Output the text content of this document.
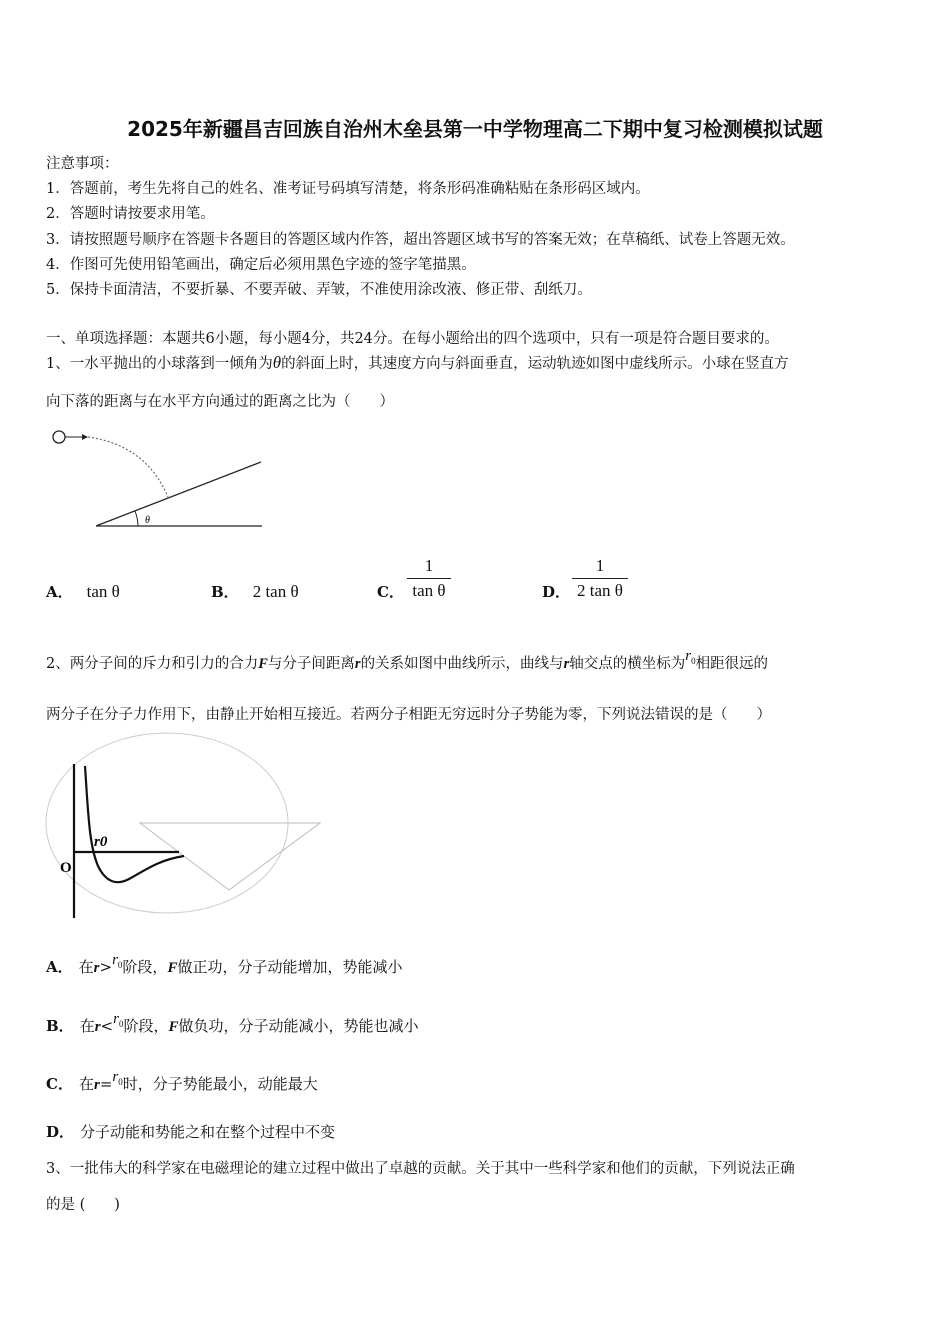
2025年新疆昌吉回族自治州木垒县第一中学物理高二下期中复习检测模拟试题
注意事项：
1．答题前，考生先将自己的姓名、准考证号码填写清楚，将条形码准确粘贴在条形码区域内。
2．答题时请按要求用笔。
3．请按照题号顺序在答题卡各题目的答题区域内作答，超出答题区域书写的答案无效；在草稿纸、试卷上答题无效。
4．作图可先使用铅笔画出，确定后必须用黑色字迹的签字笔描黑。
5．保持卡面清洁，不要折暴、不要弄破、弄皱，不准使用涂改液、修正带、刮纸刀。
一、单项选择题：本题共6小题，每小题4分，共24分。在每小题给出的四个选项中，只有一项是符合题目要求的。
1、一水平抛出的小球落到一倾角为θ的斜面上时，其速度方向与斜面垂直，运动轨迹如图中虚线所示。小球在竖直方
向下落的距离与在水平方向通过的距离之比为（　　）
θ
A． tan θ	B． 2 tan θ	C． $\frac{1}{\text{tan θ}}$	D． $\frac{1}{\text{2 tan θ}}$
2、两分子间的斥力和引力的合力F与分子间距离r的关系如图中曲线所示，曲线与r轴交点的横坐标为$r_0$相距很远的
两分子在分子力作用下，由静止开始相互接近。若两分子相距无穷远时分子势能为零，下列说法错误的是（　　）
r0
O
A． 在$r>r_0$阶段，F做正功，分子动能增加，势能减小
B． 在$r<r_0$阶段，F做负功，分子动能减小，势能也减小
C． 在$r=r_0$时，分子势能最小，动能最大
D． 分子动能和势能之和在整个过程中不变
3、一批伟大的科学家在电磁理论的建立过程中做出了卓越的贡献。关于其中一些科学家和他们的贡献，下列说法正确
的是 (　　)
